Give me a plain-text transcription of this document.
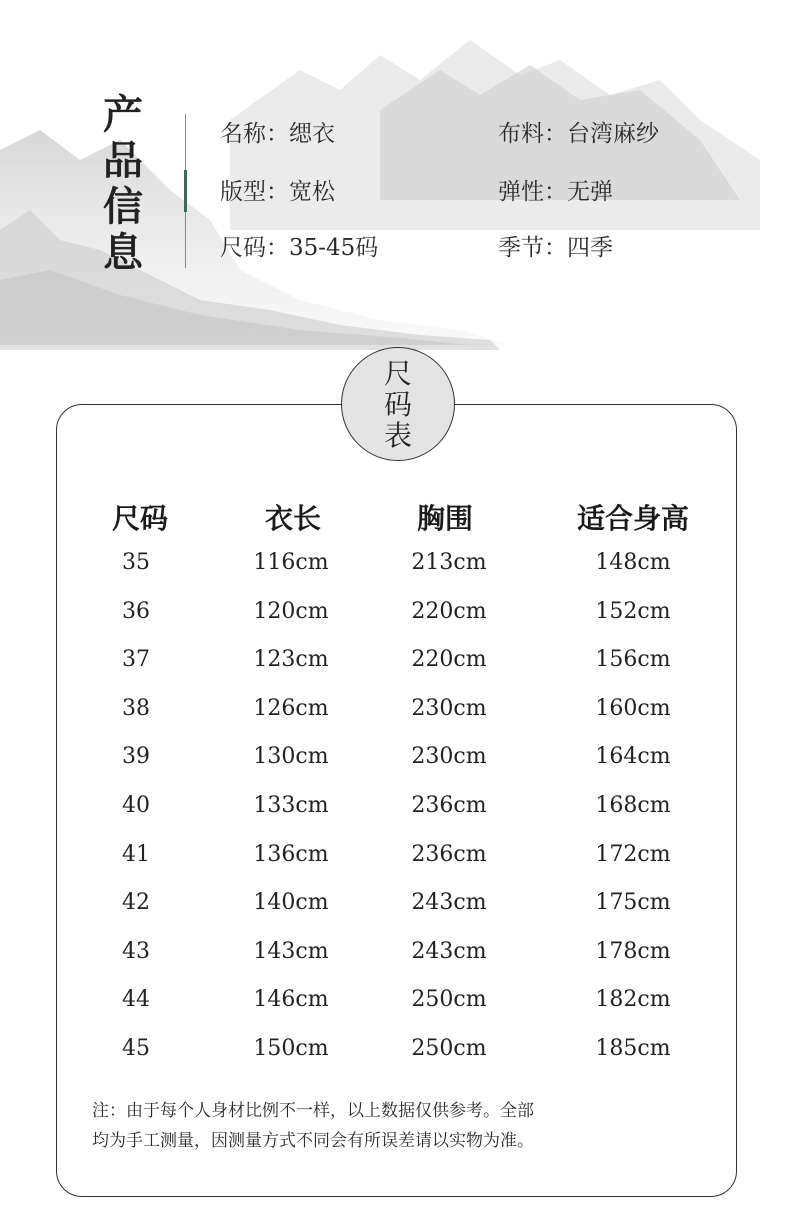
产
品
信
息
名称：缌衣	布料：台湾麻纱
版型：宽松	弹性：无弹
尺码：35-45码	季节：四季
尺
码
表
尺码	衣长	胸围	适合身高
35	116cm	213cm	148cm
36	120cm	220cm	152cm
37	123cm	220cm	156cm
38	126cm	230cm	160cm
39	130cm	230cm	164cm
40	133cm	236cm	168cm
41	136cm	236cm	172cm
42	140cm	243cm	175cm
43	143cm	243cm	178cm
44	146cm	250cm	182cm
45	150cm	250cm	185cm
注：由于每个人身材比例不一样，以上数据仅供参考。全部
均为手工测量，因测量方式不同会有所误差请以实物为准。
